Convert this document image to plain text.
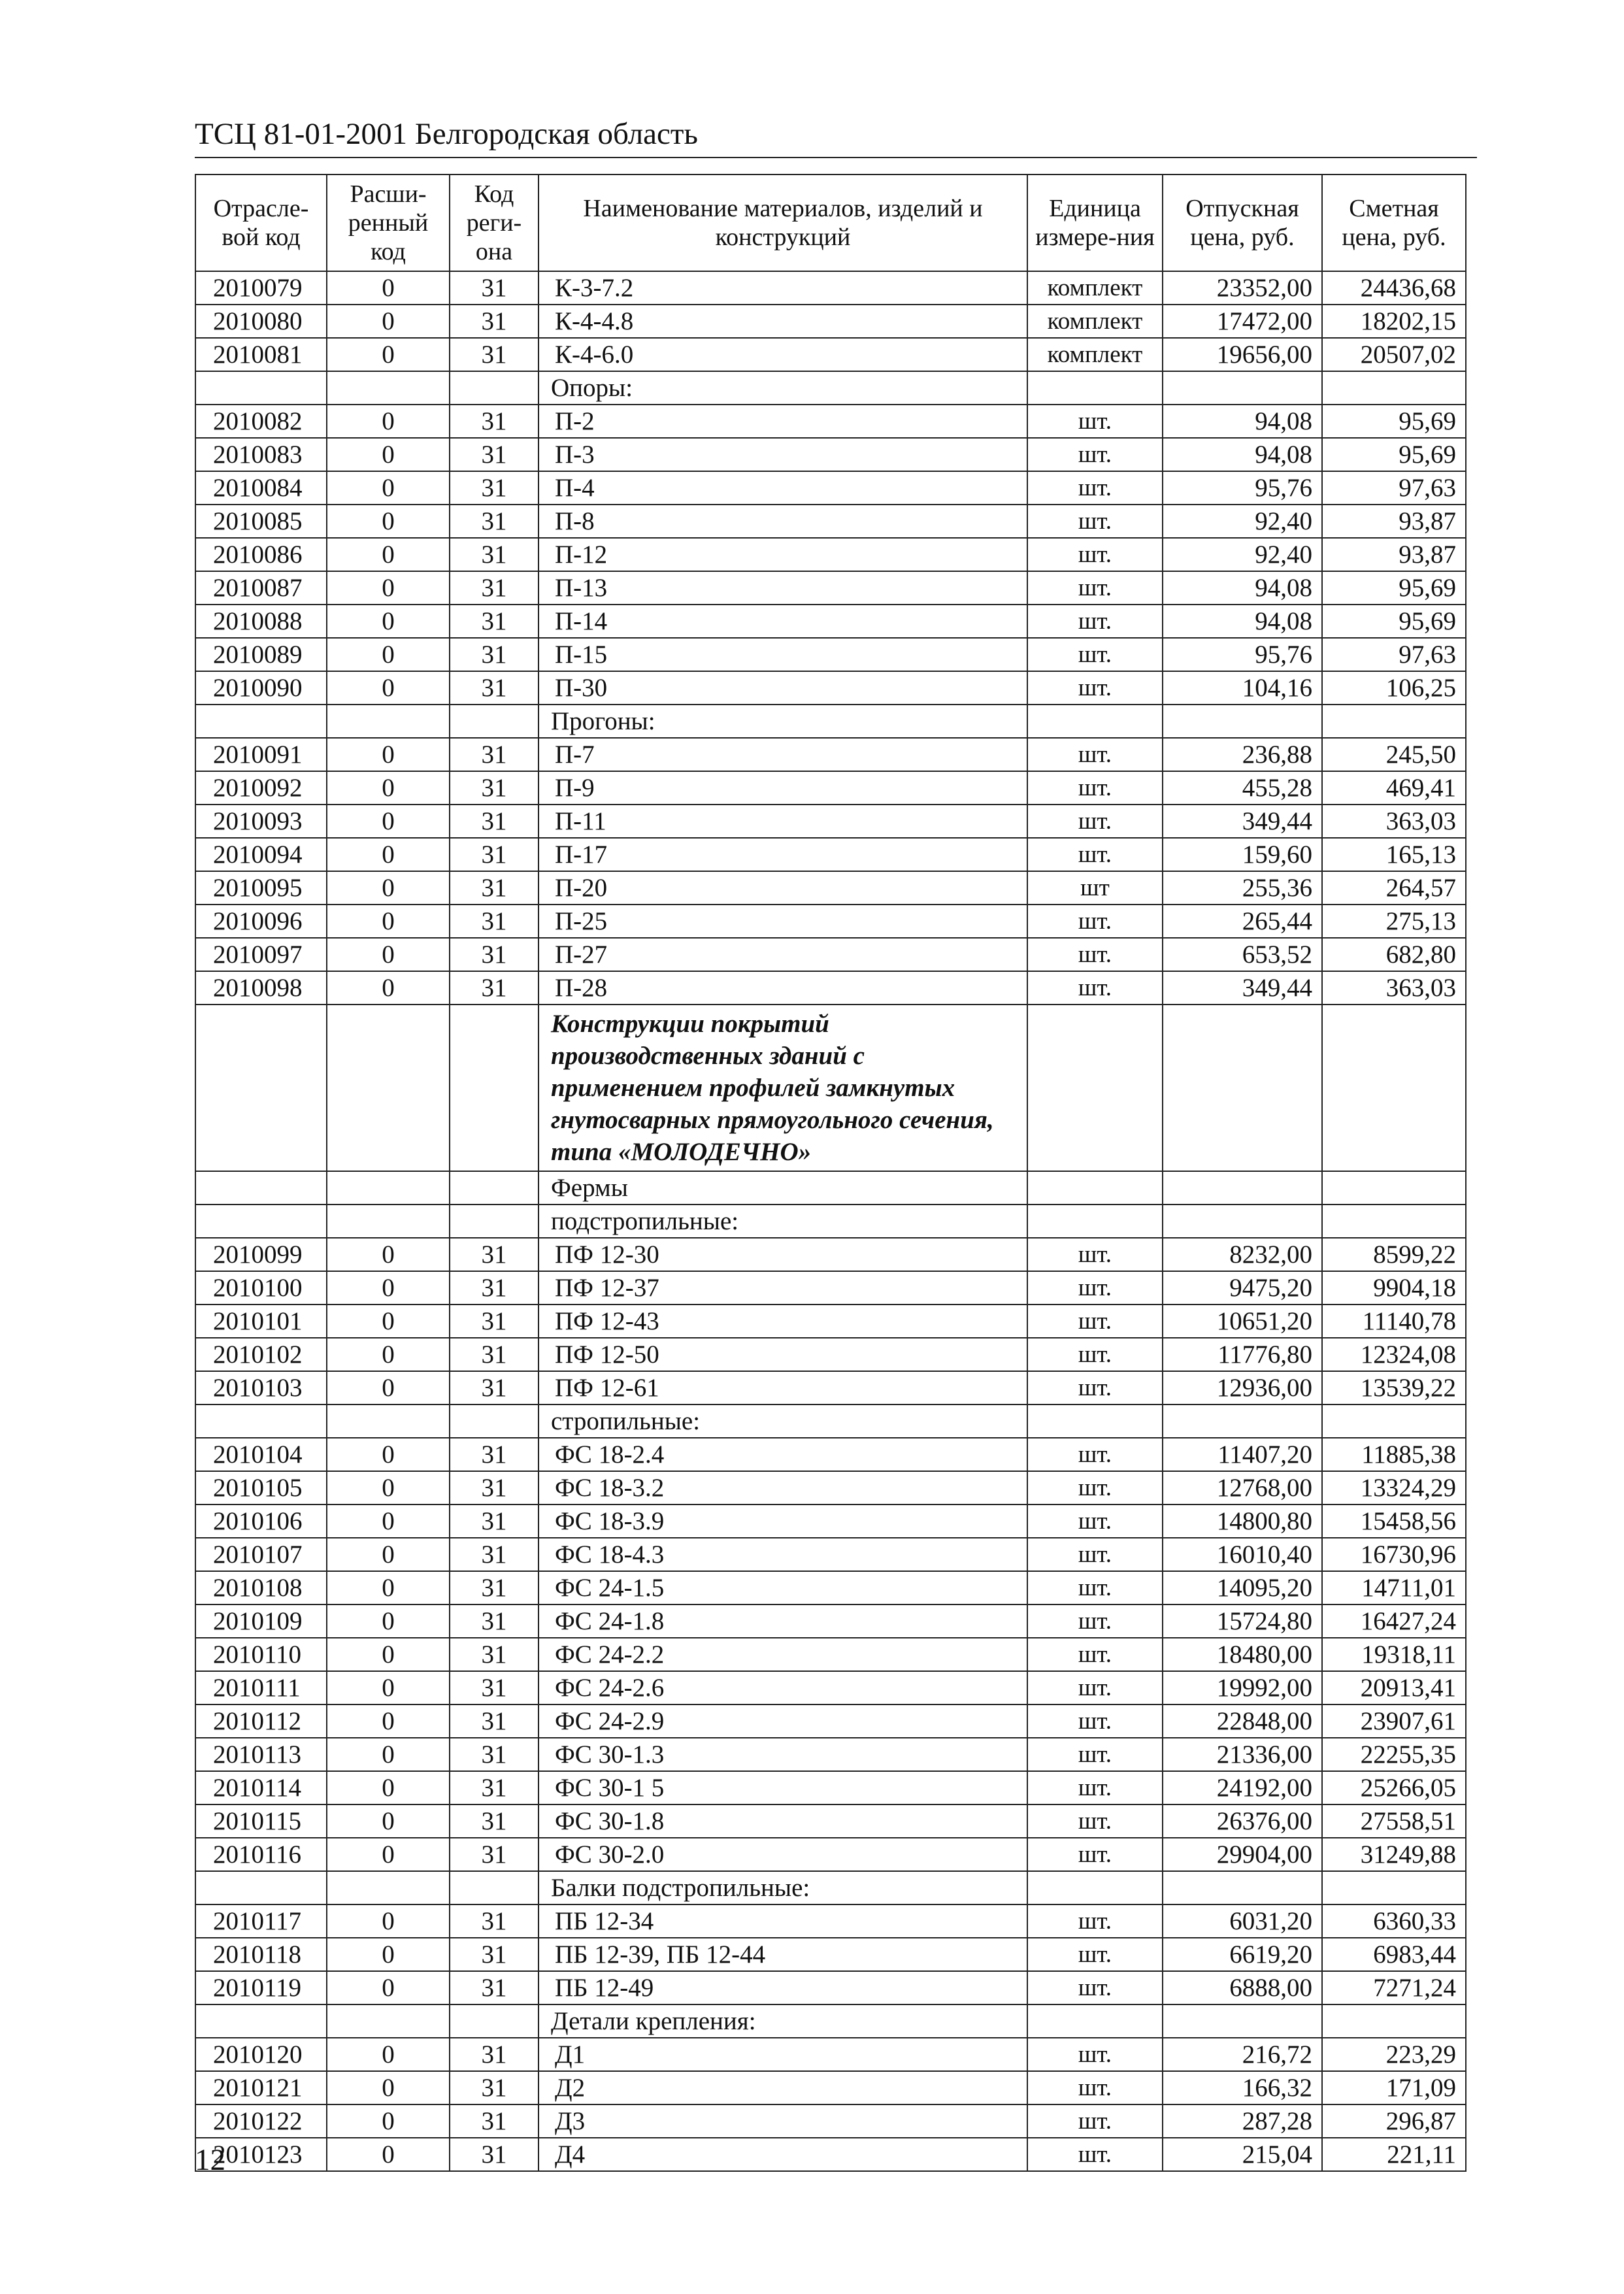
ТСЦ 81-01-2001 Белгородская область
Отрасле-вой код	Расши-ренный код	Код реги-она	Наименование материалов, изделий и конструкций	Единица измере-ния	Отпускная цена, руб.	Сметная цена, руб.
2010079	0	31	К-3-7.2	комплект	23352,00	24436,68
2010080	0	31	К-4-4.8	комплект	17472,00	18202,15
2010081	0	31	К-4-6.0	комплект	19656,00	20507,02
			Опоры:			
2010082	0	31	П-2	шт.	94,08	95,69
2010083	0	31	П-3	шт.	94,08	95,69
2010084	0	31	П-4	шт.	95,76	97,63
2010085	0	31	П-8	шт.	92,40	93,87
2010086	0	31	П-12	шт.	92,40	93,87
2010087	0	31	П-13	шт.	94,08	95,69
2010088	0	31	П-14	шт.	94,08	95,69
2010089	0	31	П-15	шт.	95,76	97,63
2010090	0	31	П-30	шт.	104,16	106,25
			Прогоны:			
2010091	0	31	П-7	шт.	236,88	245,50
2010092	0	31	П-9	шт.	455,28	469,41
2010093	0	31	П-11	шт.	349,44	363,03
2010094	0	31	П-17	шт.	159,60	165,13
2010095	0	31	П-20	шт	255,36	264,57
2010096	0	31	П-25	шт.	265,44	275,13
2010097	0	31	П-27	шт.	653,52	682,80
2010098	0	31	П-28	шт.	349,44	363,03
			Конструкции покрытий производственных зданий с применением профилей замкнутых гнутосварных прямоугольного сечения, типа «МОЛОДЕЧНО»			
			Фермы			
			подстропильные:			
2010099	0	31	ПФ 12-30	шт.	8232,00	8599,22
2010100	0	31	ПФ 12-37	шт.	9475,20	9904,18
2010101	0	31	ПФ 12-43	шт.	10651,20	11140,78
2010102	0	31	ПФ 12-50	шт.	11776,80	12324,08
2010103	0	31	ПФ 12-61	шт.	12936,00	13539,22
			стропильные:			
2010104	0	31	ФС 18-2.4	шт.	11407,20	11885,38
2010105	0	31	ФС 18-3.2	шт.	12768,00	13324,29
2010106	0	31	ФС 18-3.9	шт.	14800,80	15458,56
2010107	0	31	ФС 18-4.3	шт.	16010,40	16730,96
2010108	0	31	ФС 24-1.5	шт.	14095,20	14711,01
2010109	0	31	ФС 24-1.8	шт.	15724,80	16427,24
2010110	0	31	ФС 24-2.2	шт.	18480,00	19318,11
2010111	0	31	ФС 24-2.6	шт.	19992,00	20913,41
2010112	0	31	ФС 24-2.9	шт.	22848,00	23907,61
2010113	0	31	ФС 30-1.3	шт.	21336,00	22255,35
2010114	0	31	ФС 30-1 5	шт.	24192,00	25266,05
2010115	0	31	ФС 30-1.8	шт.	26376,00	27558,51
2010116	0	31	ФС 30-2.0	шт.	29904,00	31249,88
			Балки подстропильные:			
2010117	0	31	ПБ 12-34	шт.	6031,20	6360,33
2010118	0	31	ПБ 12-39, ПБ 12-44	шт.	6619,20	6983,44
2010119	0	31	ПБ 12-49	шт.	6888,00	7271,24
			Детали крепления:			
2010120	0	31	Д1	шт.	216,72	223,29
2010121	0	31	Д2	шт.	166,32	171,09
2010122	0	31	Д3	шт.	287,28	296,87
2010123	0	31	Д4	шт.	215,04	221,11
12
